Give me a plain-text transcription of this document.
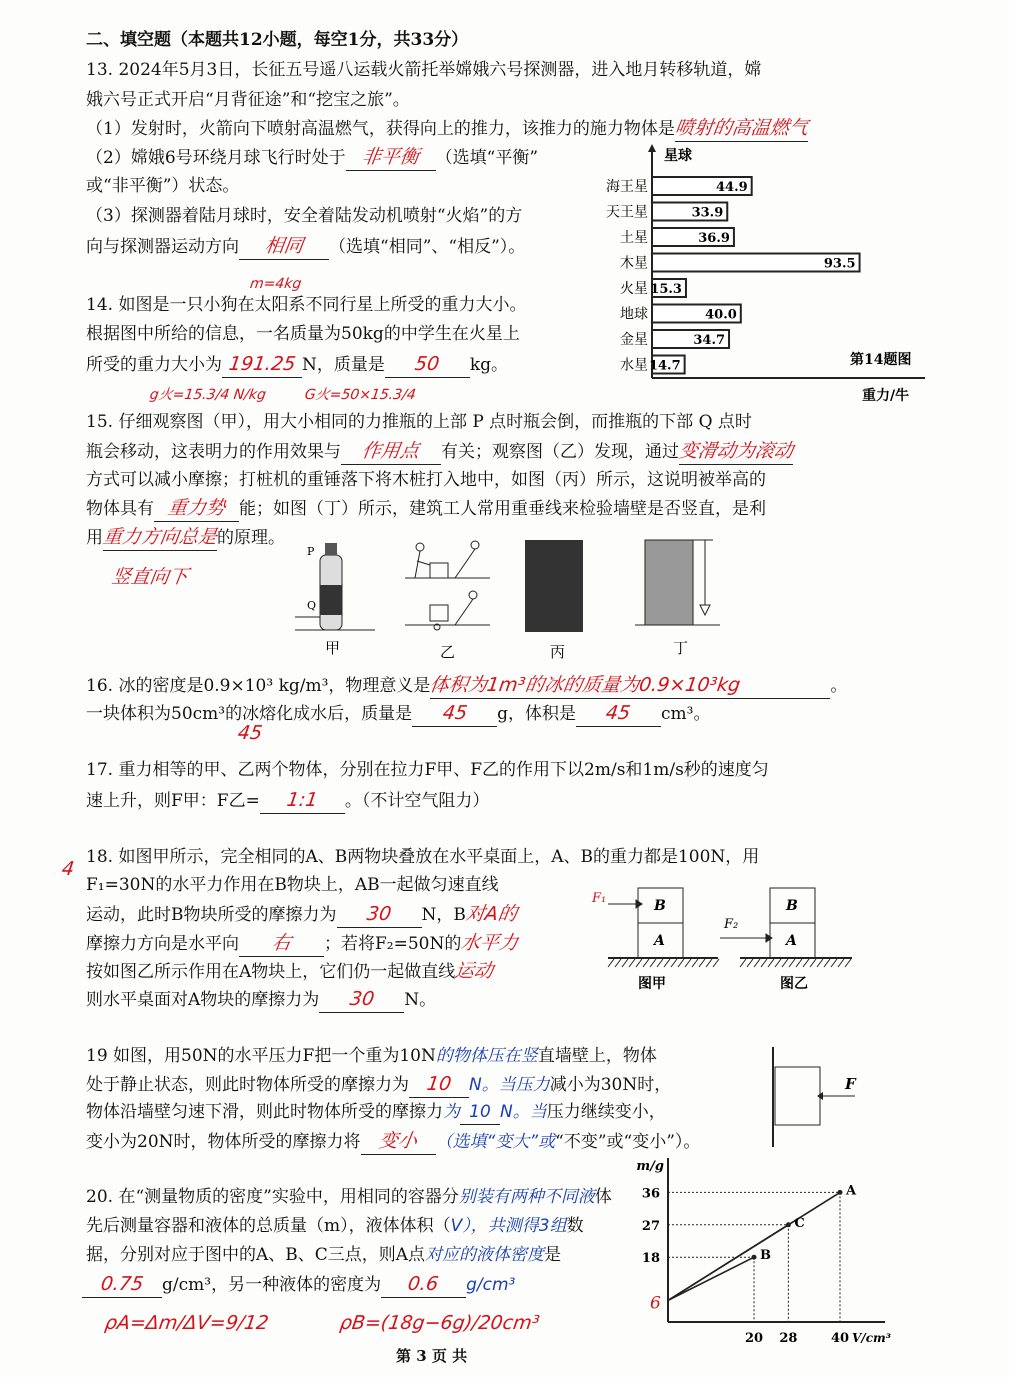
二、填空题（本题共12小题，每空1分，共33分）
13. 2024年5月3日，长征五号遥八运载火箭托举嫦娥六号探测器，进入地月转移轨道，嫦
娥六号正式开启“月背征途”和“挖宝之旅”。
（1）发射时，火箭向下喷射高温燃气，获得向上的推力，该推力的施力物体是喷射的高温燃气
（2）嫦娥6号环绕月球飞行时处于 非平衡 （选填“平衡”
或“非平衡”）状态。
（3）探测器着陆月球时，安全着陆发动机喷射“火焰”的方
向与探测器运动方向 相同 （选填“相同”、“相反”）。
星球
重力/牛
第14题图
海王星	44.9
天王星	33.9
土星	36.9
木星	93.5
火星 15.3
地球	40.0
金星	34.7
水星 14.7
m=4kg
14. 如图是一只小狗在太阳系不同行星上所受的重力大小。
根据图中所给的信息，一名质量为50kg的中学生在火星上
所受的重力大小为 191.25 N，质量是 50 kg。
g火=15.3/4 N/kg	G火=50×15.3/4
15. 仔细观察图（甲），用大小相同的力推瓶的上部 P 点时瓶会倒，而推瓶的下部 Q 点时
瓶会移动，这表明力的作用效果与 作用点 有关；观察图（乙）发现，通过变滑动为滚动
方式可以减小摩擦；打桩机的重锤落下将木桩打入地中，如图（丙）所示，这说明被举高的
物体具有 重力势 能；如图（丁）所示，建筑工人常用重垂线来检验墙壁是否竖直，是利
用重力方向总是的原理。
竖直向下
P
Q
甲	乙	丙	丁
16. 冰的密度是0.9×10³ kg/m³，物理意义是体积为1m³的冰的质量为0.9×10³kg	。
一块体积为50cm³的冰熔化成水后，质量是 45 g，体积是 45 cm³。
45
17. 重力相等的甲、乙两个物体，分别在拉力F甲、F乙的作用下以2m/s和1m/s秒的速度匀
速上升，则F甲：F乙= 1:1 。（不计空气阻力）
4
18. 如图甲所示，完全相同的A、B两物块叠放在水平桌面上，A、B的重力都是100N，用
F₁=30N的水平力作用在B物块上，AB一起做匀速直线
运动，此时B物块所受的摩擦力为 30 N，B对A的
摩擦力方向是水平向 右 ；若将F₂=50N的水平力
按如图乙所示作用在A物块上，它们仍一起做直线运动
则水平桌面对A物块的摩擦力为 30 N。
F₁
F₂
B
A
B
A
图甲	图乙
19 如图，用50N的水平压力F把一个重为10N的物体压在竖直墙壁上，物体
处于静止状态，则此时物体所受的摩擦力为 10 N。当压力减小为30N时，
物体沿墙壁匀速下滑，则此时物体所受的摩擦力为 10 N。当压力继续变小，
变小为20N时，物体所受的摩擦力将 变小 （选填“变大”或“不变”或“变小”）。
F
20. 在“测量物质的密度”实验中，用相同的容器分别装有两种不同液体
先后测量容器和液体的总质量（m），液体体积（V），共测得3组数
据，分别对应于图中的A、B、C三点，则A点对应的液体密度是
0.75 g/cm³，另一种液体的密度为 0.6 g/cm³
ρA=Δm/ΔV=9/12	ρB=(18g−6g)/20cm³
m/g
V/cm³
36
27
18
20 28	40
6
A
C
B
第 3 页 共
